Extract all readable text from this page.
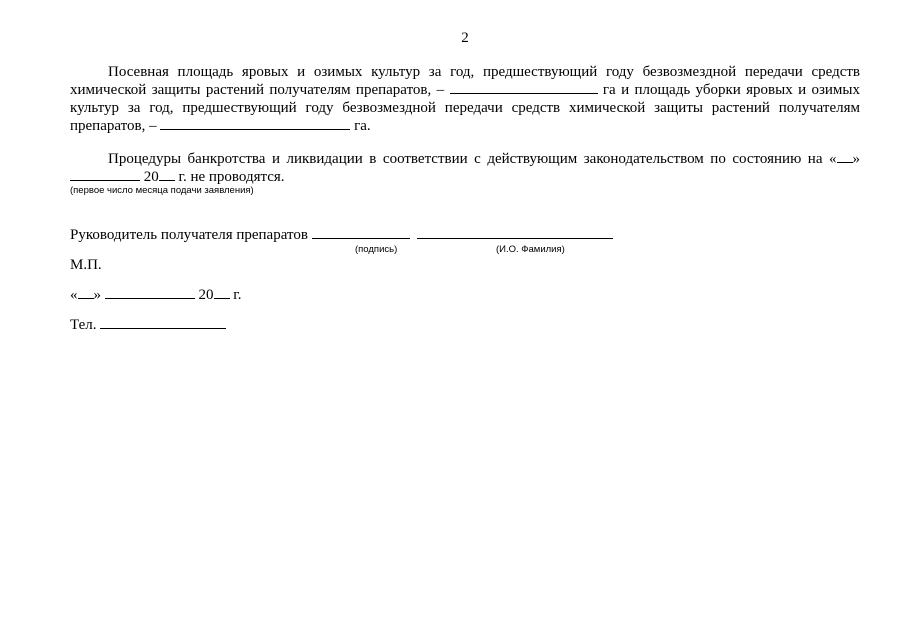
2
Посевная площадь яровых и озимых культур за год, предшествующий году безвозмездной передачи средств химической защиты растений получателям препаратов, –	га и площадь уборки яровых и озимых культур за год, предшествующий году безвозмездной передачи средств химической защиты растений получателям препаратов, –	га.
Процедуры банкротства и ликвидации в соответствии с действующим законодательством по состоянию на « »  20 г. не проводятся.
(первое число месяца подачи заявления)
Руководитель получателя препаратов
(подпись)	(И.О. Фамилия)
М.П.
« »	20 г.
Тел.
